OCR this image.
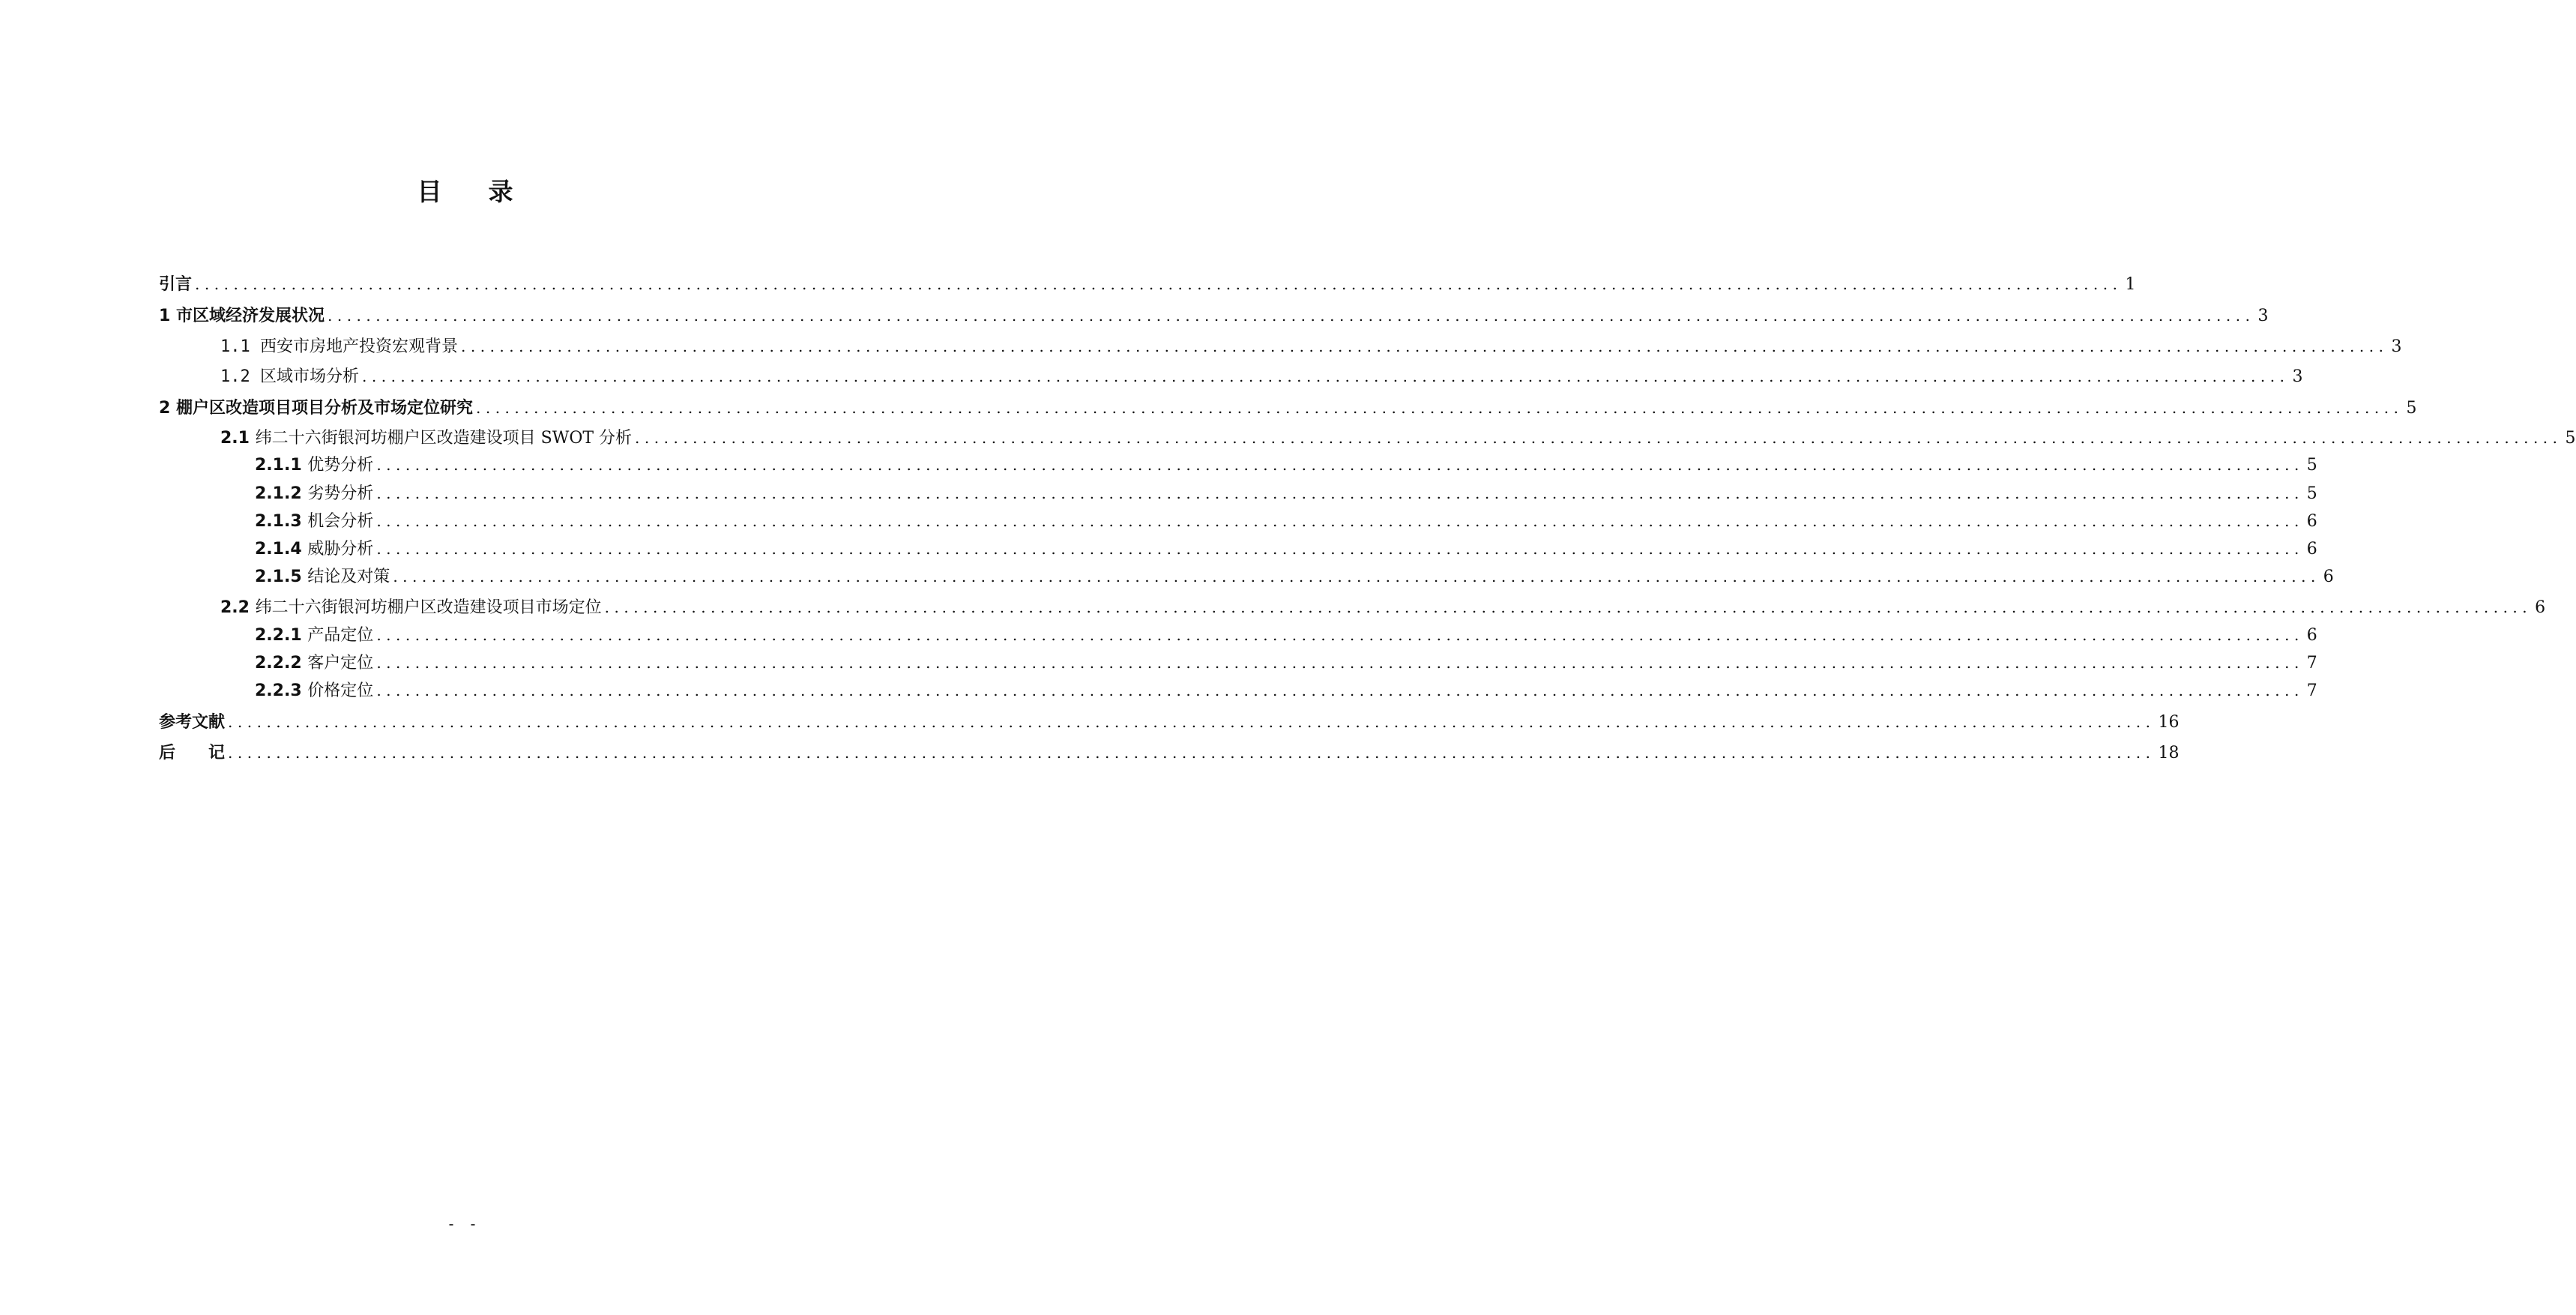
目录
引言 ........................................................................................................................................................................................................ 1
1 市区域经济发展状况 ........................................................................................................................................................................................................ 3
1.1 西安市房地产投资宏观背景 ........................................................................................................................................................................................................ 3
1.2 区域市场分析 ........................................................................................................................................................................................................ 3
2 棚户区改造项目项目分析及市场定位研究 ........................................................................................................................................................................................................ 5
2.1 纬二十六街银河坊棚户区改造建设项目 SWOT 分析 ........................................................................................................................................................................................................ 5
2.1.1 优势分析 ........................................................................................................................................................................................................ 5
2.1.2 劣势分析 ........................................................................................................................................................................................................ 5
2.1.3 机会分析 ........................................................................................................................................................................................................ 6
2.1.4 威胁分析 ........................................................................................................................................................................................................ 6
2.1.5 结论及对策 ........................................................................................................................................................................................................ 6
2.2 纬二十六街银河坊棚户区改造建设项目市场定位 ........................................................................................................................................................................................................ 6
2.2.1 产品定位 ........................................................................................................................................................................................................ 6
2.2.2 客户定位 ........................................................................................................................................................................................................ 7
2.2.3 价格定位 ........................................................................................................................................................................................................ 7
参考文献 ........................................................................................................................................................................................................ 16
后　　记 ........................................................................................................................................................................................................ 18
- -
